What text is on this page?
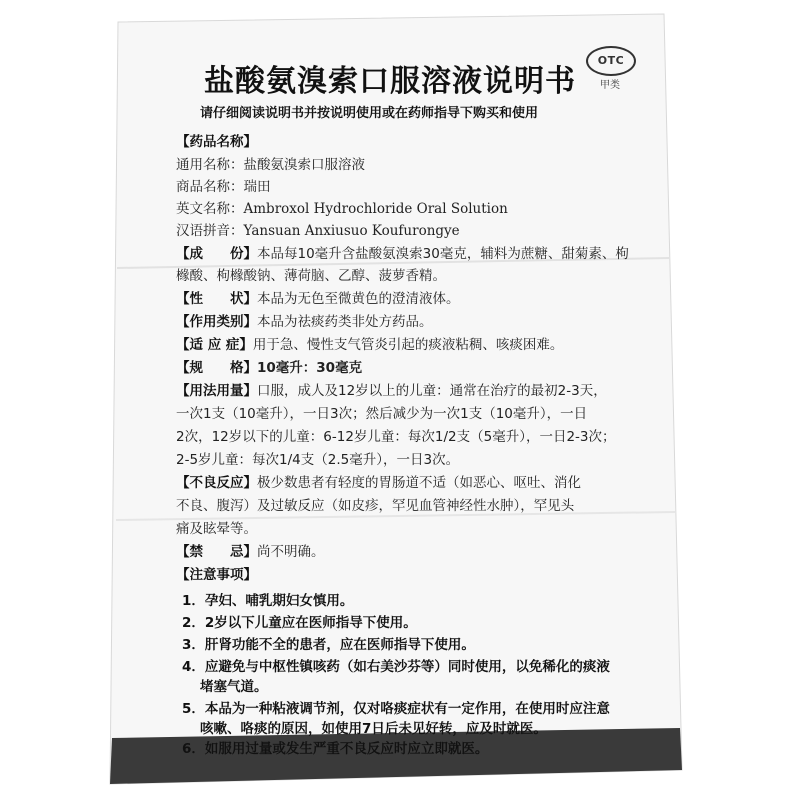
OTC
甲类
盐酸氨溴索口服溶液说明书
请仔细阅读说明书并按说明使用或在药师指导下购买和使用
【药品名称】
通用名称：盐酸氨溴索口服溶液
商品名称：瑞田
英文名称：Ambroxol Hydrochloride Oral Solution
汉语拼音：Yansuan Anxiusuo Koufurongye
【成　　份】本品每10毫升含盐酸氨溴索30毫克，辅料为蔗糖、甜菊素、枸
橼酸、枸橼酸钠、薄荷脑、乙醇、菠萝香精。
【性　　状】本品为无色至微黄色的澄清液体。
【作用类别】本品为祛痰药类非处方药品。
【适 应 症】用于急、慢性支气管炎引起的痰液粘稠、咳痰困难。
【规　　格】10毫升：30毫克
【用法用量】口服，成人及12岁以上的儿童：通常在治疗的最初2-3天，
一次1支（10毫升），一日3次；然后减少为一次1支（10毫升），一日
2次，12岁以下的儿童：6-12岁儿童：每次1/2支（5毫升），一日2-3次；
2-5岁儿童：每次1/4支（2.5毫升），一日3次。
【不良反应】极少数患者有轻度的胃肠道不适（如恶心、呕吐、消化
不良、腹泻）及过敏反应（如皮疹，罕见血管神经性水肿），罕见头
痛及眩晕等。
【禁　　忌】尚不明确。
【注意事项】
1．孕妇、哺乳期妇女慎用。
2．2岁以下儿童应在医师指导下使用。
3．肝肾功能不全的患者，应在医师指导下使用。
4．应避免与中枢性镇咳药（如右美沙芬等）同时使用，以免稀化的痰液
堵塞气道。
5．本品为一种粘液调节剂，仅对咯痰症状有一定作用，在使用时应注意
咳嗽、咯痰的原因，如使用7日后未见好转，应及时就医。
6．如服用过量或发生严重不良反应时应立即就医。
